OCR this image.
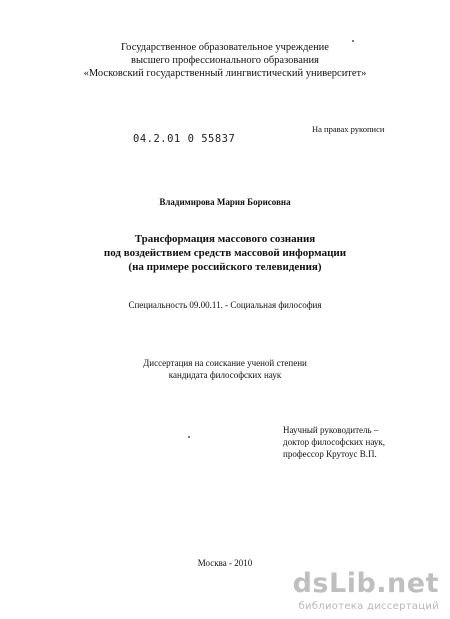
Государственное образовательное учреждение
высшего профессионального образования
«Московский государственный лингвистический университет»
На правах рукописи
04.2.01 0 55837
Владимирова Мария Борисовна
Трансформация массового сознания
под воздействием средств массовой информации
(на примере российского телевидения)
Специальность 09.00.11. - Социальная философия
Диссертация на соискание ученой степени
кандидата философских наук
Научный руководитель –
доктор философских наук,
профессор Крутоус В.П.
Москва - 2010
dsLib.net
библиотека диссертаций
